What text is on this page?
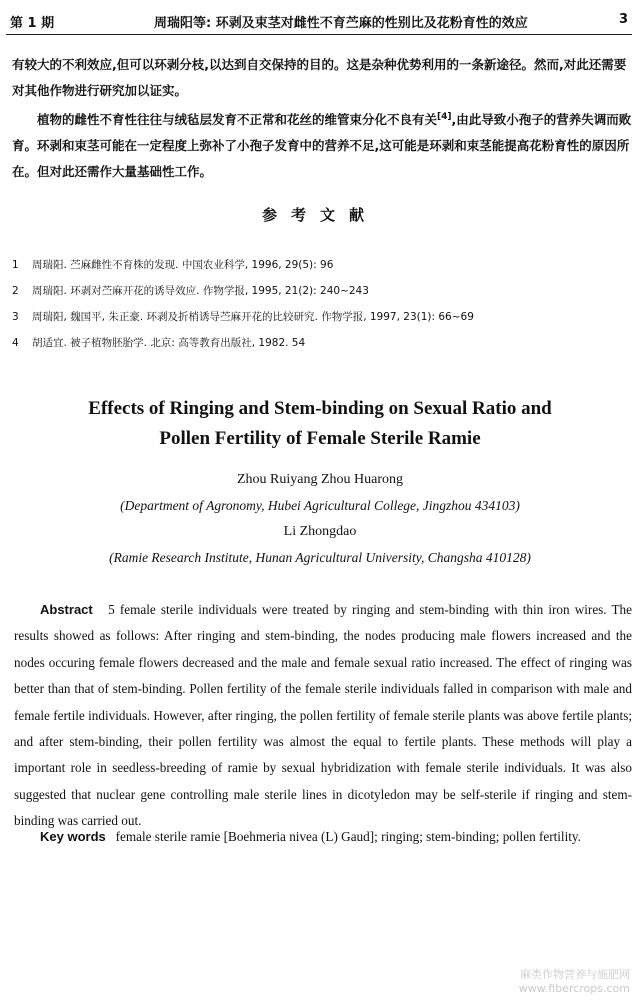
第 1 期	周瑞阳等: 环剥及束茎对雌性不育苎麻的性别比及花粉育性的效应	3
有较大的不利效应,但可以环剥分枝,以达到自交保持的目的。这是杂种优势利用的一条新途径。然而,对此还需要对其他作物进行研究加以证实。
植物的雌性不育性往往与绒毡层发育不正常和花丝的维管束分化不良有关[4],由此导致小孢子的营养失调而败育。环剥和束茎可能在一定程度上弥补了小孢子发育中的营养不足,这可能是环剥和束茎能提高花粉育性的原因所在。但对此还需作大量基础性工作。
参考文献
1 周瑞阳. 苎麻雌性不育株的发现. 中国农业科学, 1996, 29(5): 96
2 周瑞阳. 环剥对苎麻开花的诱导效应. 作物学报, 1995, 21(2): 240~243
3 周瑞阳, 魏国平, 朱正豪. 环剥及折梢诱导苎麻开花的比较研究. 作物学报, 1997, 23(1): 66~69
4 胡适宜. 被子植物胚胎学. 北京: 高等教育出版社, 1982. 54
Effects of Ringing and Stem-binding on Sexual Ratio and
Pollen Fertility of Female Sterile Ramie
Zhou Ruiyang Zhou Huarong
(Department of Agronomy, Hubei Agricultural College, Jingzhou 434103)
Li Zhongdao
(Ramie Research Institute, Hunan Agricultural University, Changsha 410128)
Abstract 5 female sterile individuals were treated by ringing and stem-binding with thin iron wires. The results showed as follows: After ringing and stem-binding, the nodes producing male flowers increased and the nodes occuring female flowers decreased and the male and female sexual ratio increased. The effect of ringing was better than that of stem-binding. Pollen fertility of the female sterile individuals falled in comparison with male and female fertile individuals. However, after ringing, the pollen fertility of female sterile plants was above fertile plants; and after stem-binding, their pollen fertility was almost the equal to fertile plants. These methods will play a important role in seedless-breeding of ramie by sexual hybridization with female sterile individuals. It was also suggested that nuclear gene controlling male sterile lines in dicotyledon may be self-sterile if ringing and stem-binding was carried out.
Key words female sterile ramie [Boehmeria nivea (L) Gaud]; ringing; stem-binding; pollen fertility.
麻类作物营养与施肥网
www.fibercrops.com
